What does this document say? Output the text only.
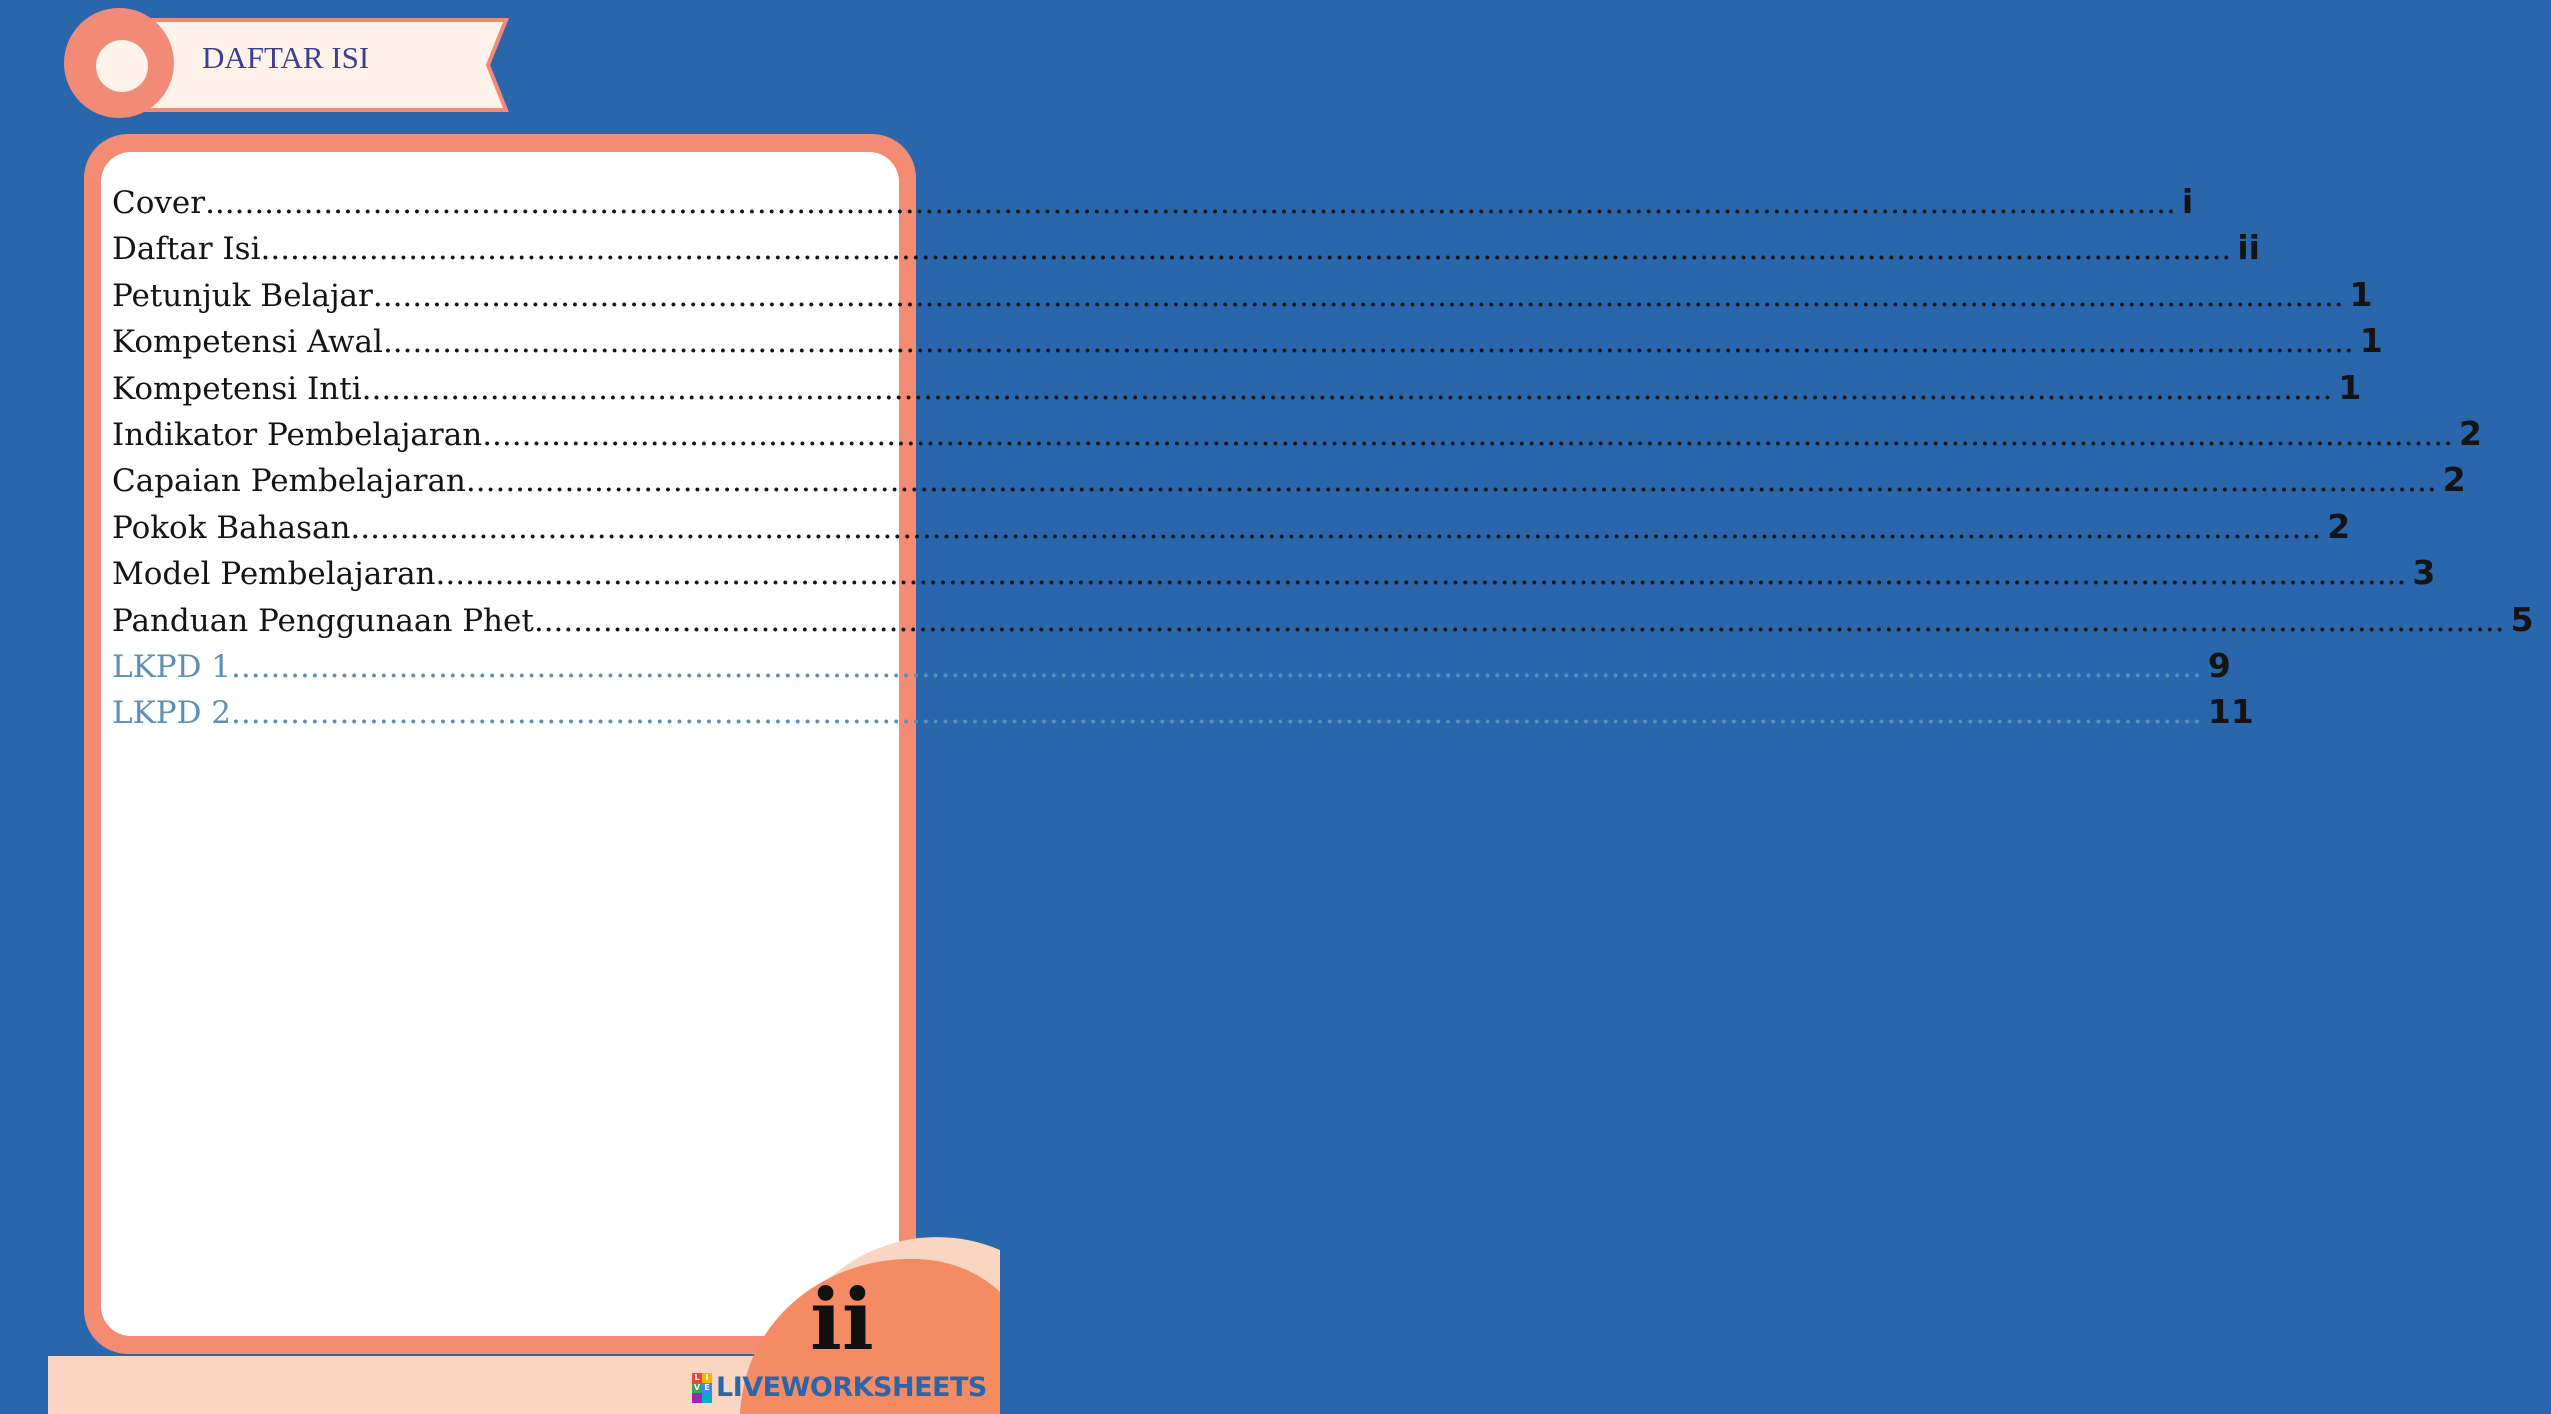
DAFTAR ISI
Cover ........................................................................................................................................................................................................ i
Daftar Isi ........................................................................................................................................................................................................ ii
Petunjuk Belajar ........................................................................................................................................................................................................ 1
Kompetensi Awal ........................................................................................................................................................................................................ 1
Kompetensi Inti ........................................................................................................................................................................................................ 1
Indikator Pembelajaran ........................................................................................................................................................................................................ 2
Capaian Pembelajaran ........................................................................................................................................................................................................ 2
Pokok Bahasan ........................................................................................................................................................................................................ 2
Model Pembelajaran ........................................................................................................................................................................................................ 3
Panduan Penggunaan Phet ........................................................................................................................................................................................................ 5
LKPD 1 ........................................................................................................................................................................................................ 9
LKPD 2 ........................................................................................................................................................................................................ 11
ii
L I
V E LIVEWORKSHEETS
